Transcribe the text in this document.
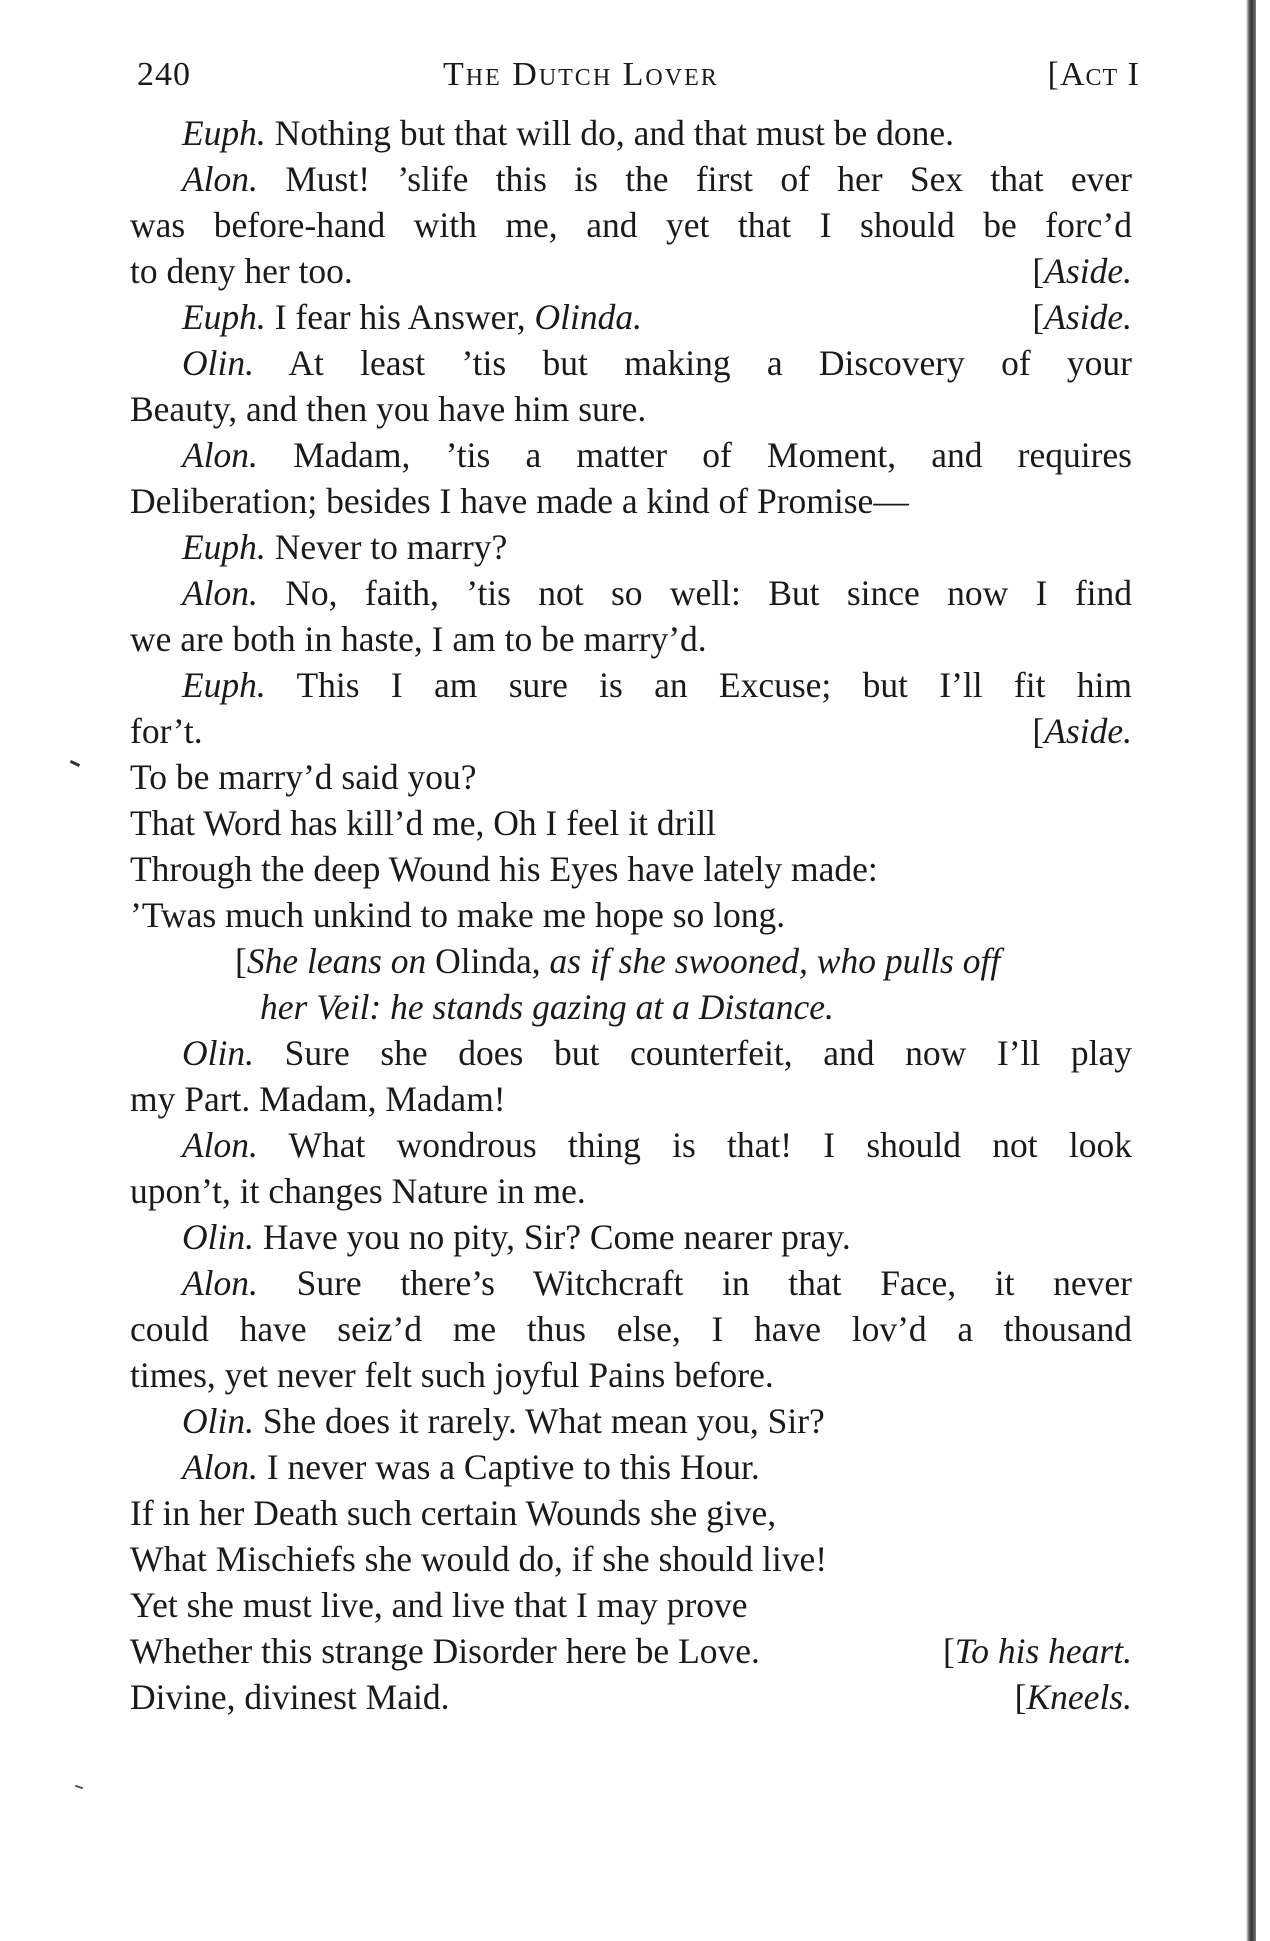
240	The Dutch Lover	[Act I
Euph. Nothing but that will do, and that must be done.
Alon. Must! ’slife this is the first of her Sex that ever
was before-hand with me, and yet that I should be forc’d
to deny her too.	[Aside.
Euph. I fear his Answer, Olinda.	[Aside.
Olin. At least ’tis but making a Discovery of your
Beauty, and then you have him sure.
Alon. Madam, ’tis a matter of Moment, and requires
Deliberation; besides I have made a kind of Promise—
Euph. Never to marry?
Alon. No, faith, ’tis not so well: But since now I find
we are both in haste, I am to be marry’d.
Euph. This I am sure is an Excuse; but I’ll fit him
for’t.	[Aside.
To be marry’d said you?
That Word has kill’d me, Oh I feel it drill
Through the deep Wound his Eyes have lately made:
’Twas much unkind to make me hope so long.
[She leans on Olinda, as if she swooned, who pulls off
her Veil: he stands gazing at a Distance.
Olin. Sure she does but counterfeit, and now I’ll play
my Part. Madam, Madam!
Alon. What wondrous thing is that! I should not look
upon’t, it changes Nature in me.
Olin. Have you no pity, Sir? Come nearer pray.
Alon. Sure there’s Witchcraft in that Face, it never
could have seiz’d me thus else, I have lov’d a thousand
times, yet never felt such joyful Pains before.
Olin. She does it rarely. What mean you, Sir?
Alon. I never was a Captive to this Hour.
If in her Death such certain Wounds she give,
What Mischiefs she would do, if she should live!
Yet she must live, and live that I may prove
Whether this strange Disorder here be Love.	[To his heart.
Divine, divinest Maid.	[Kneels.
